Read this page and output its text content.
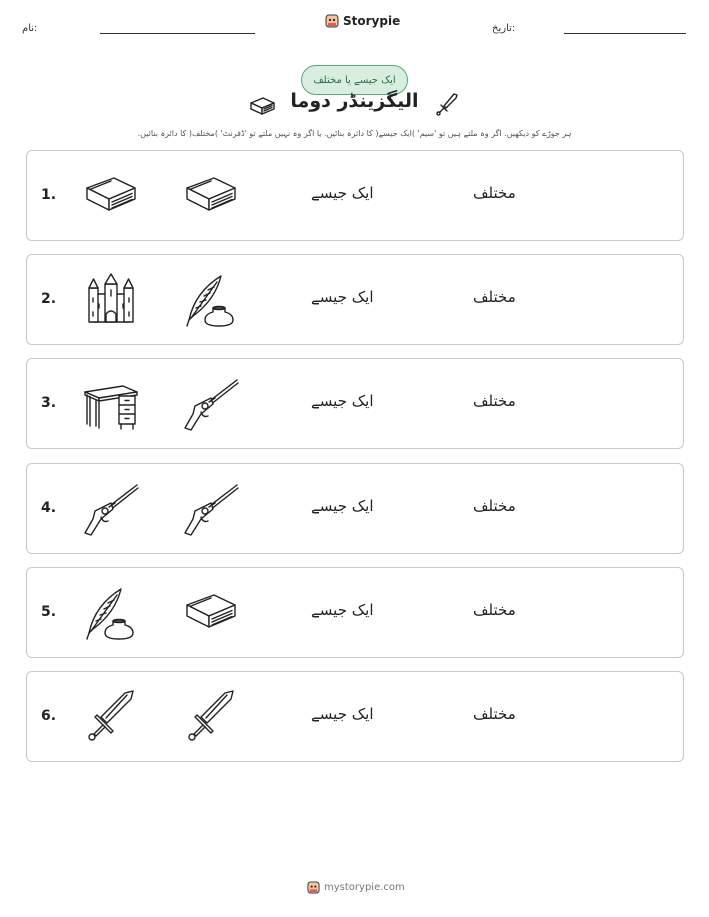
نام:
Storypie
تاریخ:
ایک جیسے یا مختلف
الیگزینڈر دوما
ہر جوڑے کو دیکھیں. اگر وہ ملتے ہیں تو 'سیم' )ایک جیسے( کا دائرہ بنائیں. یا اگر وہ نہیں ملتے تو 'ڈفرنٹ' )مختلف( کا دائرہ بنائیں.
1.	ایک جیسے	مختلف
2.	ایک جیسے	مختلف
3.	ایک جیسے	مختلف
4.	ایک جیسے	مختلف
5.	ایک جیسے	مختلف
6.	ایک جیسے	مختلف
mystorypie.com
